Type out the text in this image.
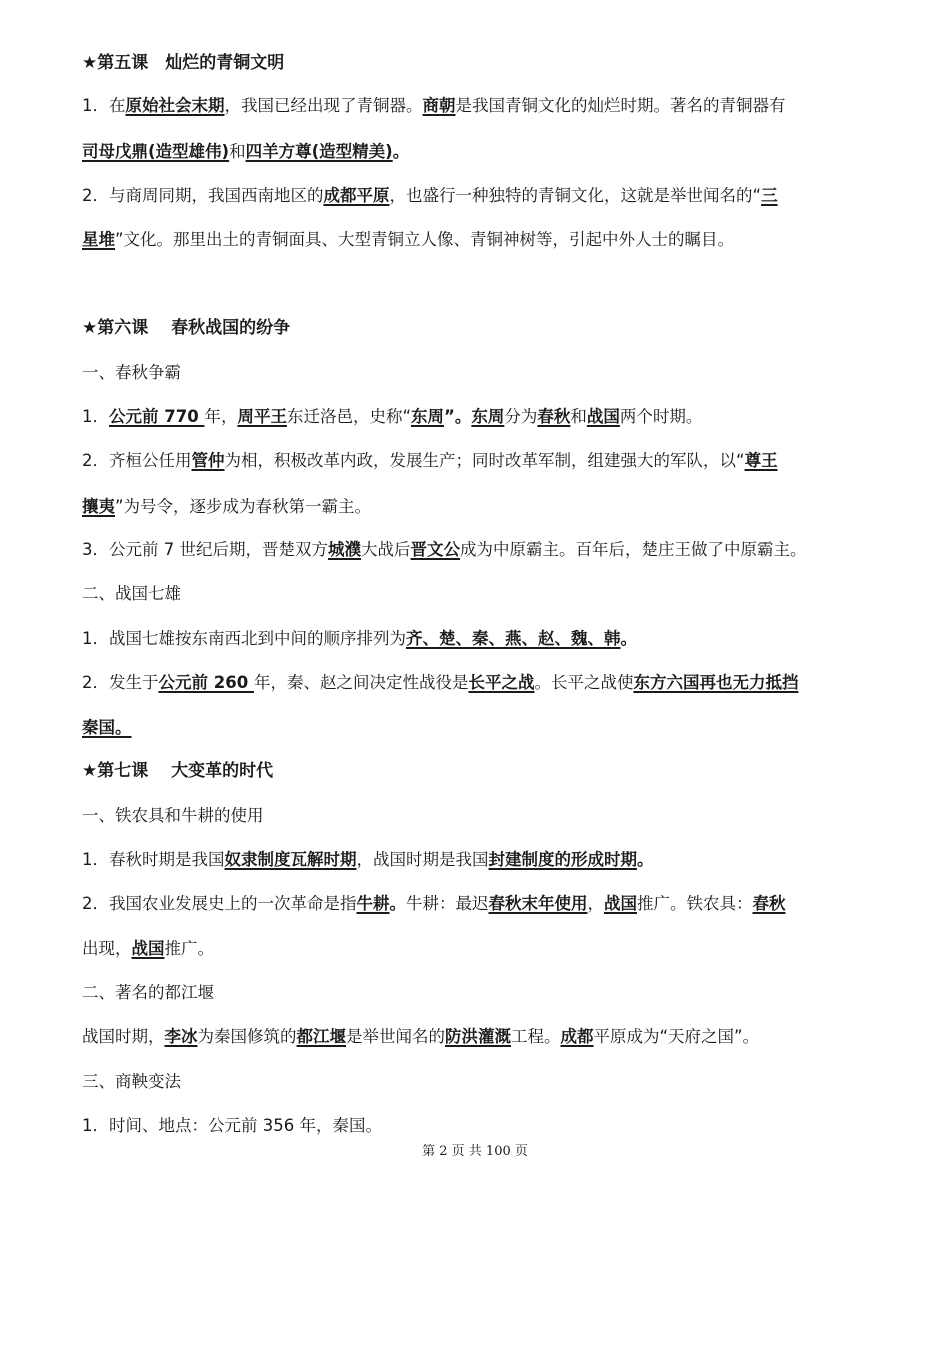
★第五课　灿烂的青铜文明
1．在原始社会末期，我国已经出现了青铜器。商朝是我国青铜文化的灿烂时期。著名的青铜器有
司母戊鼎(造型雄伟)和四羊方尊(造型精美)。
2．与商周同期，我国西南地区的成都平原，也盛行一种独特的青铜文化，这就是举世闻名的“三
星堆”文化。那里出土的青铜面具、大型青铜立人像、青铜神树等，引起中外人士的瞩目。
★第六课　 春秋战国的纷争
一、春秋争霸
1．公元前 770 年，周平王东迁洛邑，史称“东周”。东周分为春秋和战国两个时期。
2．齐桓公任用管仲为相，积极改革内政，发展生产；同时改革军制，组建强大的军队，以“尊王
攘夷”为号令，逐步成为春秋第一霸主。
3．公元前 7 世纪后期，晋楚双方城濮大战后晋文公成为中原霸主。百年后，楚庄王做了中原霸主。
二、战国七雄
1．战国七雄按东南西北到中间的顺序排列为齐、楚、秦、燕、赵、魏、韩。
2．发生于公元前 260 年，秦、赵之间决定性战役是长平之战。长平之战使东方六国再也无力抵挡
秦国。
★第七课　 大变革的时代
一、铁农具和牛耕的使用
1．春秋时期是我国奴隶制度瓦解时期，战国时期是我国封建制度的形成时期。
2．我国农业发展史上的一次革命是指牛耕。牛耕：最迟春秋末年使用，战国推广。铁农具：春秋
出现，战国推广。
二、著名的都江堰
战国时期，李冰为秦国修筑的都江堰是举世闻名的防洪灌溉工程。成都平原成为“天府之国”。
三、商鞅变法
1．时间、地点：公元前 356 年，秦国。
第 2 页 共 100 页
